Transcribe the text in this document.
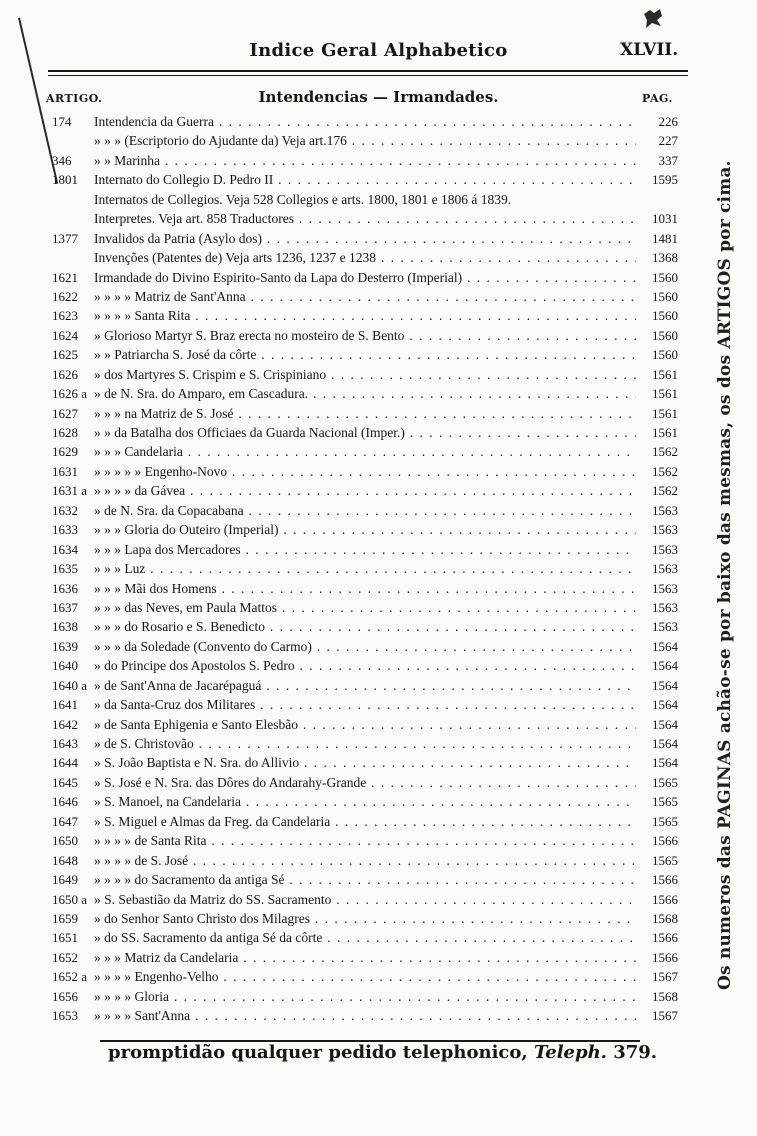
Indice Geral Alphabetico	XLVII.
ARTIGO.	Intendencias — Irmandades.	PAG.
174	Intendencia da Guerra . . .	226
» » » (Escriptorio do Ajudante da) Veja art.176 . . .	227
346	» » Marinha . . .	337
1801	Internato do Collegio D. Pedro II . . .	1595
Internatos de Collegios. Veja 528 Collegios e arts. 1800, 1801 e 1806 á 1839.
Interpretes. Veja art. 858 Traductores . . .	1031
1377	Invalidos da Patria (Asylo dos) . . .	1481
Invenções (Patentes de) Veja arts 1236, 1237 e 1238 . . .	1368
1621	Irmandade do Divino Espirito-Santo da Lapa do Desterro (Imperial) . . .	1560
1622	» » » » Matriz de Sant'Anna . . .	1560
1623	» » » » Santa Rita . . .	1560
1624	» Glorioso Martyr S. Braz erecta no mosteiro de S. Bento . . .	1560
1625	» » Patriarcha S. José da côrte . . .	1560
1626	» dos Martyres S. Crispim e S. Crispiniano . . .	1561
1626 a » de N. Sra. do Amparo, em Cascadura. . . .	1561
1627	» » » na Matriz de S. José . . .	1561
1628	» » da Batalha dos Officiaes da Guarda Nacional (Imper.) . . .	1561
1629	» » » Candelaria . . .	1562
1631	» » » » » Engenho-Novo . . .	1562
1631 a » » » » da Gávea . . .	1562
1632	» de N. Sra. da Copacabana . . .	1563
1633	» » » Gloria do Outeiro (Imperial) . . .	1563
1634	» » » Lapa dos Mercadores . . .	1563
1635	» » » Luz . . .	1563
1636	» » » Mãi dos Homens . . .	1563
1637	» » » das Neves, em Paula Mattos . . .	1563
1638	» » » do Rosario e S. Benedicto . . .	1563
1639	» » » da Soledade (Convento do Carmo) . . .	1564
1640	» do Principe dos Apostolos S. Pedro . . .	1564
1640 a » de Sant'Anna de Jacarépaguá . . .	1564
1641	» da Santa-Cruz dos Militares . . .	1564
1642	» de Santa Ephigenia e Santo Elesbão . . .	1564
1643	» de S. Christovão . . .	1564
1644	» S. João Baptista e N. Sra. do Allivio . . .	1564
1645	» S. José e N. Sra. das Dôres do Andarahy-Grande . . .	1565
1646	» S. Manoel, na Candelaria . . .	1565
1647	» S. Miguel e Almas da Freg. da Candelaria . . .	1565
1650	» » » » de Santa Rita . . .	1566
1648	» » » » de S. José . . .	1565
1649	» » » » do Sacramento da antiga Sé . . .	1566
1650 a » S. Sebastião da Matriz do SS. Sacramento . . .	1566
1659	» do Senhor Santo Christo dos Milagres . . .	1568
1651	» do SS. Sacramento da antiga Sé da côrte . . .	1566
1652	» » » Matriz da Candelaria . . .	1566
1652 a » » » » Engenho-Velho . . .	1567
1656	» » » » Gloria . . .	1568
1653	» » » » Sant'Anna . . .	1567
Os numeros das PAGINAS achão-se por baixo das mesmas, os dos ARTIGOS por cima.
promptidão qualquer pedido telephonico, Teleph. 379.
